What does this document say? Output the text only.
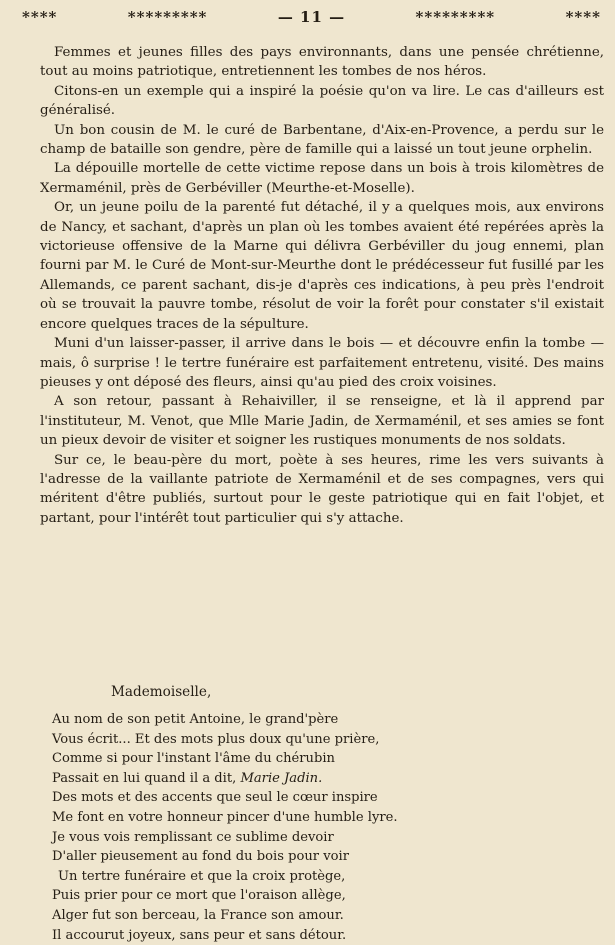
****	*********	— 11 —	*********	****

Femmes et jeunes filles des pays environnants, dans une pensée chrétienne, tout au moins patriotique, entretiennent les tombes de nos héros.

Citons-en un exemple qui a inspiré la poésie qu'on va lire. Le cas d'ailleurs est généralisé.

Un bon cousin de M. le curé de Barbentane, d'Aix-en-Provence, a perdu sur le champ de bataille son gendre, père de famille qui a laissé un tout jeune orphelin.

La dépouille mortelle de cette victime repose dans un bois à trois kilomètres de Xermaménil, près de Gerbéviller (Meurthe-et-Moselle).

Or, un jeune poilu de la parenté fut détaché, il y a quelques mois, aux environs de Nancy, et sachant, d'après un plan où les tombes avaient été repérées après la victorieuse offensive de la Marne qui délivra Gerbéviller du joug ennemi, plan fourni par M. le Curé de Mont-sur-Meurthe dont le prédécesseur fut fusillé par les Allemands, ce parent sachant, dis-je d'après ces indications, à peu près l'endroit où se trouvait la pauvre tombe, résolut de voir la forêt pour constater s'il existait encore quelques traces de la sépulture.

Muni d'un laisser-passer, il arrive dans le bois — et découvre enfin la tombe — mais, ô surprise ! le tertre funéraire est parfaitement entretenu, visité. Des mains pieuses y ont déposé des fleurs, ainsi qu'au pied des croix voisines.

A son retour, passant à Rehaiviller, il se renseigne, et là il apprend par l'instituteur, M. Venot, que Mlle Marie Jadin, de Xermaménil, et ses amies se font un pieux devoir de visiter et soigner les rustiques monuments de nos soldats.

Sur ce, le beau-père du mort, poète à ses heures, rime les vers suivants à l'adresse de la vaillante patriote de Xermaménil et de ses compagnes, vers qui méritent d'être publiés, surtout pour le geste patriotique qui en fait l'objet, et partant, pour l'intérêt tout particulier qui s'y attache.

Mademoiselle,
Au nom de son petit Antoine, le grand'père
Vous écrit... Et des mots plus doux qu'une prière,
Comme si pour l'instant l'âme du chérubin
Passait en lui quand il a dit, Marie Jadin.
Des mots et des accents que seul le cœur inspire
Me font en votre honneur pincer d'une humble lyre.
Je vous vois remplissant ce sublime devoir
D'aller pieusement au fond du bois pour voir
Un tertre funéraire et que la croix protège,
Puis prier pour ce mort que l'oraison allège,
Alger fut son berceau, la France son amour.
Il accourut joyeux, sans peur et sans détour.
